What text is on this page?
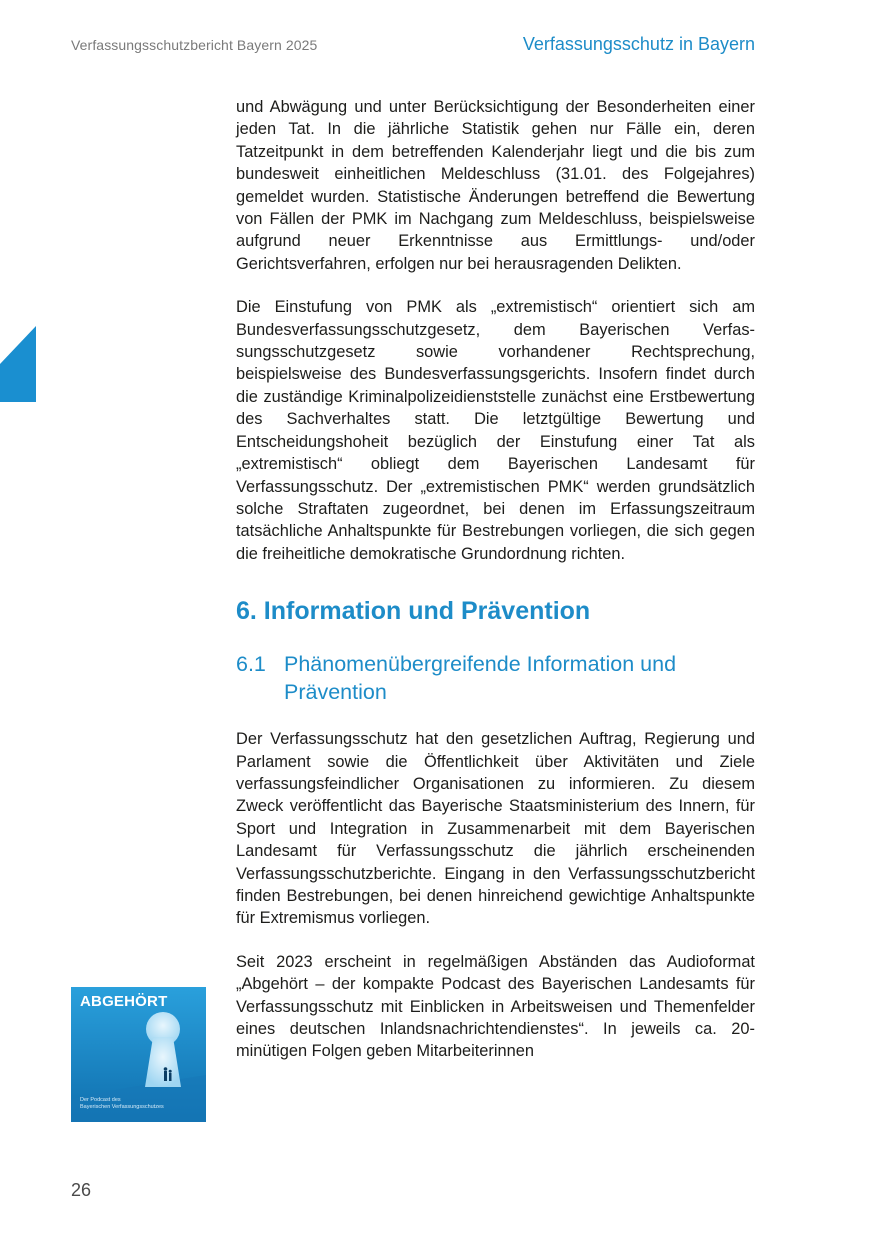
Verfassungsschutzbericht Bayern 2025	Verfassungsschutz in Bayern

und Abwägung und unter Berücksichtigung der Besonderheiten einer jeden Tat. In die jährliche Statistik gehen nur Fälle ein, deren Tatzeitpunkt in dem betreffenden Kalenderjahr liegt und die bis zum bundesweit einheitlichen Meldeschluss (31.01. des Folgejahres) gemeldet wurden. Statistische Änderungen betreffend die Bewertung von Fällen der PMK im Nachgang zum Meldeschluss, beispielsweise aufgrund neuer Erkenntnisse aus Ermittlungs- und/oder Gerichtsverfahren, erfolgen nur bei herausragenden Delikten.

Die Einstufung von PMK als „extremistisch“ orientiert sich am Bundesverfassungsschutzgesetz, dem Bayerischen Verfassungsschutzgesetz sowie vorhandener Rechtsprechung, beispielsweise des Bundesverfassungsgerichts. Insofern findet durch die zuständige Kriminalpolizeidienststelle zunächst eine Erstbewertung des Sachverhaltes statt. Die letztgültige Bewertung und Entscheidungshoheit bezüglich der Einstufung einer Tat als „extremistisch“ obliegt dem Bayerischen Landesamt für Verfassungsschutz. Der „extremistischen PMK“ werden grundsätzlich solche Straftaten zugeordnet, bei denen im Erfassungszeitraum tatsächliche Anhaltspunkte für Bestrebungen vorliegen, die sich gegen die freiheitliche demokratische Grundordnung richten.

6. Information und Prävention
6.1 Phänomenübergreifende Information und Prävention

Der Verfassungsschutz hat den gesetzlichen Auftrag, Regierung und Parlament sowie die Öffentlichkeit über Aktivitäten und Ziele verfassungsfeindlicher Organisationen zu informieren. Zu diesem Zweck veröffentlicht das Bayerische Staatsministerium des Innern, für Sport und Integration in Zusammenarbeit mit dem Bayerischen Landesamt für Verfassungsschutz die jährlich erscheinenden Verfassungsschutzberichte. Eingang in den Verfassungsschutzbericht finden Bestrebungen, bei denen hinreichend gewichtige Anhaltspunkte für Extremismus vorliegen.

Seit 2023 erscheint in regelmäßigen Abständen das Audioformat „Abgehört – der kompakte Podcast des Bayerischen Landesamts für Verfassungsschutz mit Einblicken in Arbeitsweisen und Themenfelder eines deutschen Inlandsnachrichtendienstes“. In jeweils ca. 20-minütigen Folgen geben Mitarbeiterinnen

ABGEHÖRT
Der Podcast des
Bayerischen Verfassungsschutzes
26
